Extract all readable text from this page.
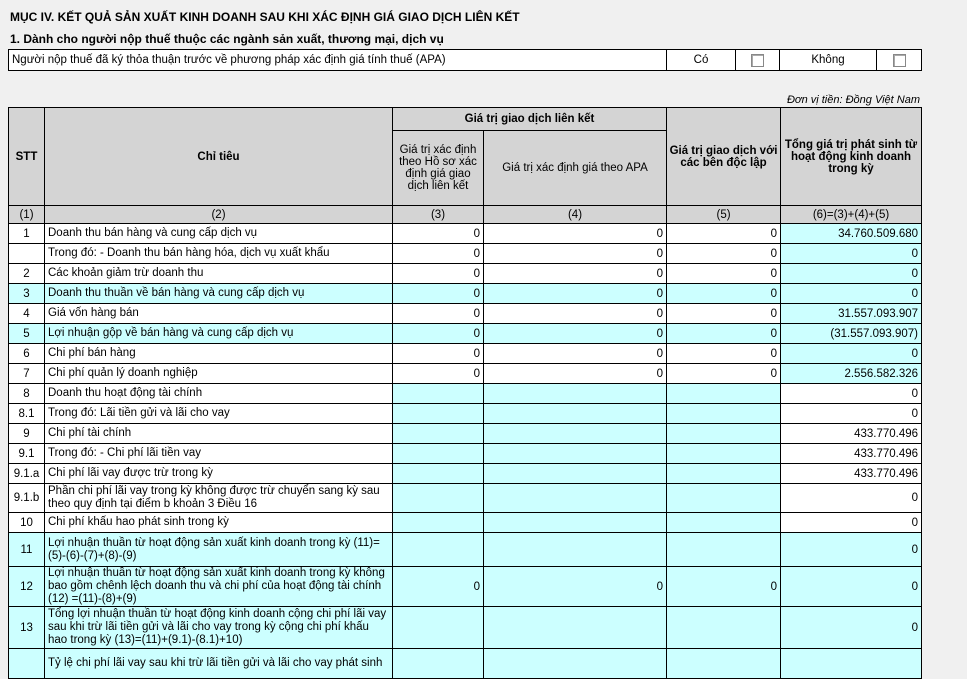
MỤC IV. KẾT QUẢ SẢN XUẤT KINH DOANH SAU KHI XÁC ĐỊNH GIÁ GIAO DỊCH LIÊN KẾT
1. Dành cho người nộp thuế thuộc các ngành sản xuất, thương mại, dịch vụ
Người nộp thuế đã ký thỏa thuận trước về phương pháp xác định giá tính thuế (APA)	Có		Không	
Đơn vị tiền: Đồng Việt Nam
STT	Chỉ tiêu	Giá trị giao dịch liên kết		Giá trị giao dịch với các bên độc lập	Tổng giá trị phát sinh từ hoạt động kinh doanh trong kỳ
		Giá trị xác định theo Hồ sơ xác định giá giao dịch liên kết	Giá trị xác định giá theo APA		
(1)	(2)	(3)	(4)	(5)	(6)=(3)+(4)+(5)
1	Doanh thu bán hàng và cung cấp dịch vụ	0	0	0	34.760.509.680
	Trong đó: - Doanh thu bán hàng hóa, dịch vụ xuất khẩu	0	0	0	0
2	Các khoản giảm trừ doanh thu	0	0	0	0
3	Doanh thu thuần về bán hàng và cung cấp dịch vụ	0	0	0	0
4	Giá vốn hàng bán	0	0	0	31.557.093.907
5	Lợi nhuận gộp về bán hàng và cung cấp dịch vụ	0	0	0	(31.557.093.907)
6	Chi phí bán hàng	0	0	0	0
7	Chi phí quản lý doanh nghiệp	0	0	0	2.556.582.326
8	Doanh thu hoạt động tài chính				0
8.1	Trong đó: Lãi tiền gửi và lãi cho vay				0
9	Chi phí tài chính				433.770.496
9.1	Trong đó: - Chi phí lãi tiền vay				433.770.496
9.1.a	Chi phí lãi vay được trừ trong kỳ				433.770.496
9.1.b	Phần chi phí lãi vay trong kỳ không được trừ chuyển sang kỳ sau theo quy định tại điểm b khoản 3 Điều 16				0
10	Chi phí khấu hao phát sinh trong kỳ				0
11	Lợi nhuận thuần từ hoạt động sản xuất kinh doanh trong kỳ (11)=(5)-(6)-(7)+(8)-(9)				0
12	Lợi nhuận thuần từ hoạt động sản xuất kinh doanh trong kỳ không bao gồm chênh lệch doanh thu và chi phí của hoạt động tài chính (12) =(11)-(8)+(9)	0	0	0	0
13	Tổng lợi nhuận thuần từ hoạt động kinh doanh cộng chi phí lãi vay sau khi trừ lãi tiền gửi và lãi cho vay trong kỳ cộng chi phí khấu hao trong kỳ (13)=(11)+(9.1)-(8.1)+10)				0
	Tỷ lệ chi phí lãi vay sau khi trừ lãi tiền gửi và lãi cho vay phát sinh				
